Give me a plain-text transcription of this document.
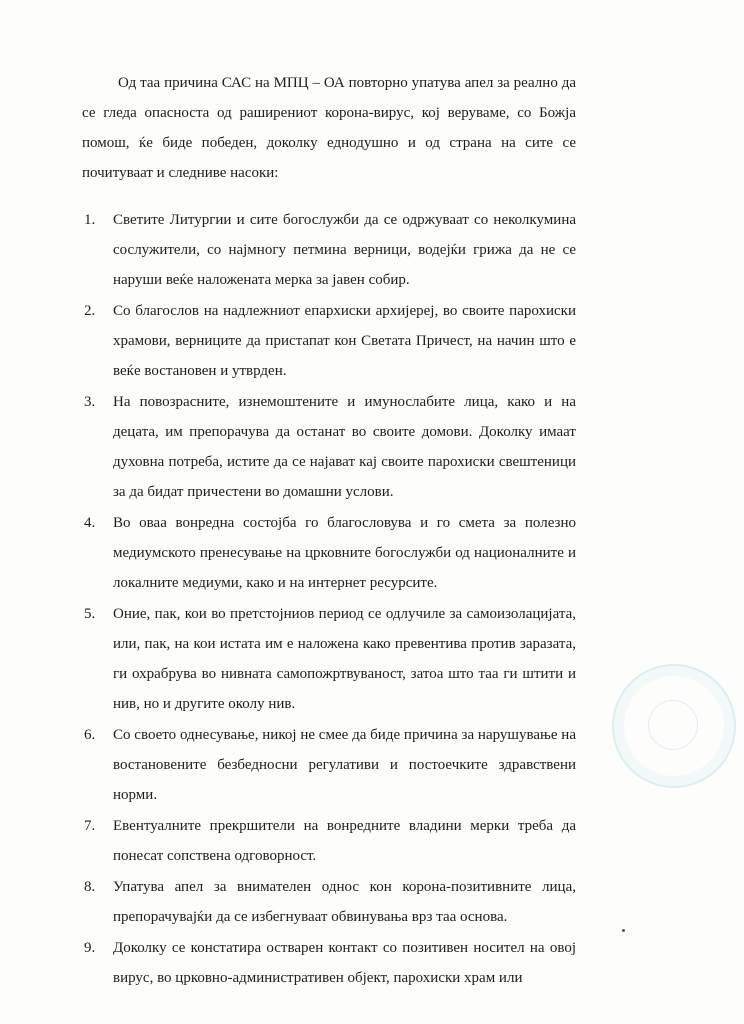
Од таа причина САС на МПЦ – ОА повторно упатува апел за реално да се гледа опасноста од раширениот корона-вирус, кој веруваме, со Божја помош, ќе биде победен, доколку еднодушно и од страна на сите се почитуваат и следниве насоки:

1. Светите Литургии и сите богослужби да се одржуваат со неколкумина сослужители, со најмногу петмина верници, водејќи грижа да не се наруши веќе наложената мерка за јавен собир.
2. Со благослов на надлежниот епархиски архијереј, во своите парохиски храмови, верниците да пристапат кон Светата Причест, на начин што е веќе востановен и утврден.
3. На повозрасните, изнемоштените и имунослабите лица, како и на децата, им препорачува да останат во своите домови. Доколку имаат духовна потреба, истите да се најават кај своите парохиски свештеници за да бидат причестени во домашни услови.
4. Во оваа вонредна состојба го благословува и го смета за полезно медиумското пренесување на црковните богослужби од националните и локалните медиуми, како и на интернет ресурсите.
5. Оние, пак, кои во претстојниов период се одлучиле за самоизолацијата, или, пак, на кои истата им е наложена како превентива против заразата, ги охрабрува во нивната самопожртвуваност, затоа што таа ги штити и нив, но и другите околу нив.
6. Со своето однесување, никој не смее да биде причина за нарушување на востановените безбедносни регулативи и постоечките здравствени норми.
7. Евентуалните прекршители на вонредните владини мерки треба да понесат сопствена одговорност.
8. Упатува апел за внимателен однос кон корона-позитивните лица, препорачувајќи да се избегнуваат обвинувања врз таа основа.
9. Доколку се констатира остварен контакт со позитивен носител на овој вирус, во црковно-административен објект, парохиски храм или
